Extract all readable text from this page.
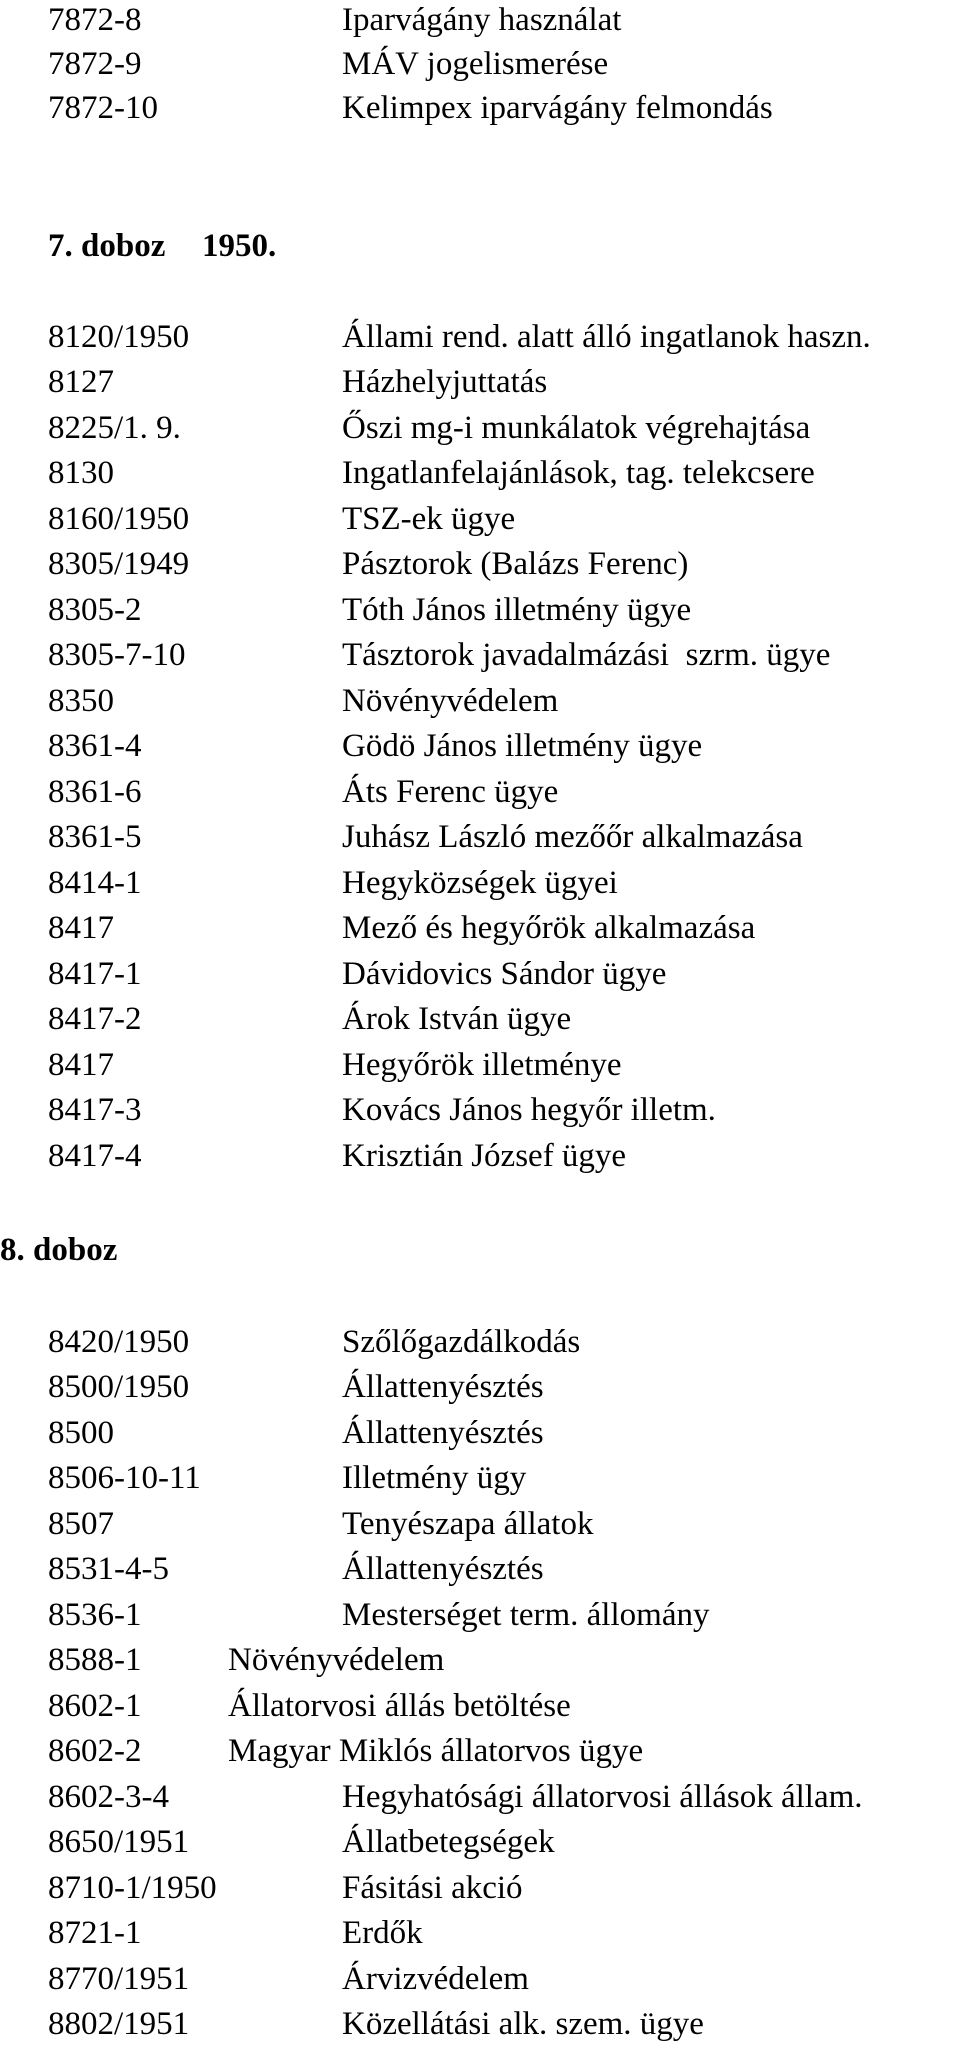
7872-8	Iparvágány használat
7872-9	MÁV jogelismerése
7872-10	Kelimpex iparvágány felmondás
7. doboz 1950.
8120/1950	Állami rend. alatt álló ingatlanok haszn.
8127	Házhelyjuttatás
8225/1. 9.	Őszi mg-i munkálatok végrehajtása
8130	Ingatlanfelajánlások, tag. telekcsere
8160/1950	TSZ-ek ügye
8305/1949	Pásztorok (Balázs Ferenc)
8305-2	Tóth János illetmény ügye
8305-7-10	Tásztorok javadalmázási  szrm. ügye
8350	Növényvédelem
8361-4	Gödö János illetmény ügye
8361-6	Áts Ferenc ügye
8361-5	Juhász László mezőőr alkalmazása
8414-1	Hegyközségek ügyei
8417	Mező és hegyőrök alkalmazása
8417-1	Dávidovics Sándor ügye
8417-2	Árok István ügye
8417	Hegyőrök illetménye
8417-3	Kovács János hegyőr illetm.
8417-4	Krisztián József ügye
8. doboz
8420/1950	Szőlőgazdálkodás
8500/1950	Állattenyésztés
8500	Állattenyésztés
8506-10-11	Illetmény ügy
8507	Tenyészapa állatok
8531-4-5	Állattenyésztés
8536-1	Mesterséget term. állomány
8588-1	Növényvédelem
8602-1	Állatorvosi állás betöltése
8602-2	Magyar Miklós állatorvos ügye
8602-3-4	Hegyhatósági állatorvosi állások állam.
8650/1951	Állatbetegségek
8710-1/1950	Fásitási akció
8721-1	Erdők
8770/1951	Árvizvédelem
8802/1951	Közellátási alk. szem. ügye
